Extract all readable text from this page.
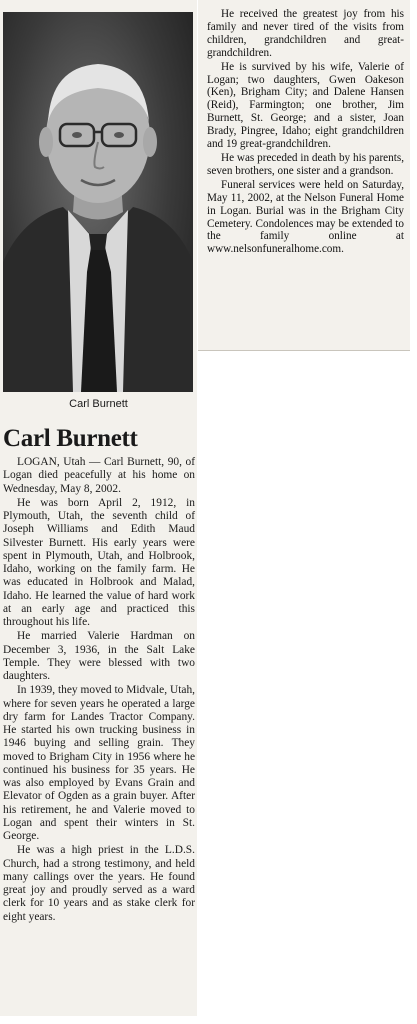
Carl Burnett
Carl Burnett

LOGAN, Utah — Carl Burnett, 90, of Logan died peacefully at his home on Wednesday, May 8, 2002.

He was born April 2, 1912, in Plymouth, Utah, the seventh child of Joseph Williams and Edith Maud Silvester Burnett. His early years were spent in Plymouth, Utah, and Holbrook, Idaho, working on the family farm. He was educated in Holbrook and Malad, Idaho. He learned the value of hard work at an early age and practiced this throughout his life.

He married Valerie Hardman on December 3, 1936, in the Salt Lake Temple. They were blessed with two daughters.

In 1939, they moved to Midvale, Utah, where for seven years he operated a large dry farm for Landes Tractor Company. He started his own trucking business in 1946 buying and selling grain. They moved to Brigham City in 1956 where he continued his business for 35 years. He was also employed by Evans Grain and Elevator of Ogden as a grain buyer. After his retirement, he and Valerie moved to Logan and spent their winters in St. George.

He was a high priest in the L.D.S. Church, had a strong testimony, and held many callings over the years. He found great joy and proudly served as a ward clerk for 10 years and as stake clerk for eight years.

He received the greatest joy from his family and never tired of the visits from children, grandchildren and great-grandchildren.

He is survived by his wife, Valerie of Logan; two daughters, Gwen Oakeson (Ken), Brigham City; and Dalene Hansen (Reid), Farmington; one brother, Jim Burnett, St. George; and a sister, Joan Brady, Pingree, Idaho; eight grandchildren and 19 great-grandchildren.

He was preceded in death by his parents, seven brothers, one sister and a grandson.

Funeral services were held on Saturday, May 11, 2002, at the Nelson Funeral Home in Logan. Burial was in the Brigham City Cemetery. Condolences may be extended to the family online at www.nelsonfuneralhome.com.
